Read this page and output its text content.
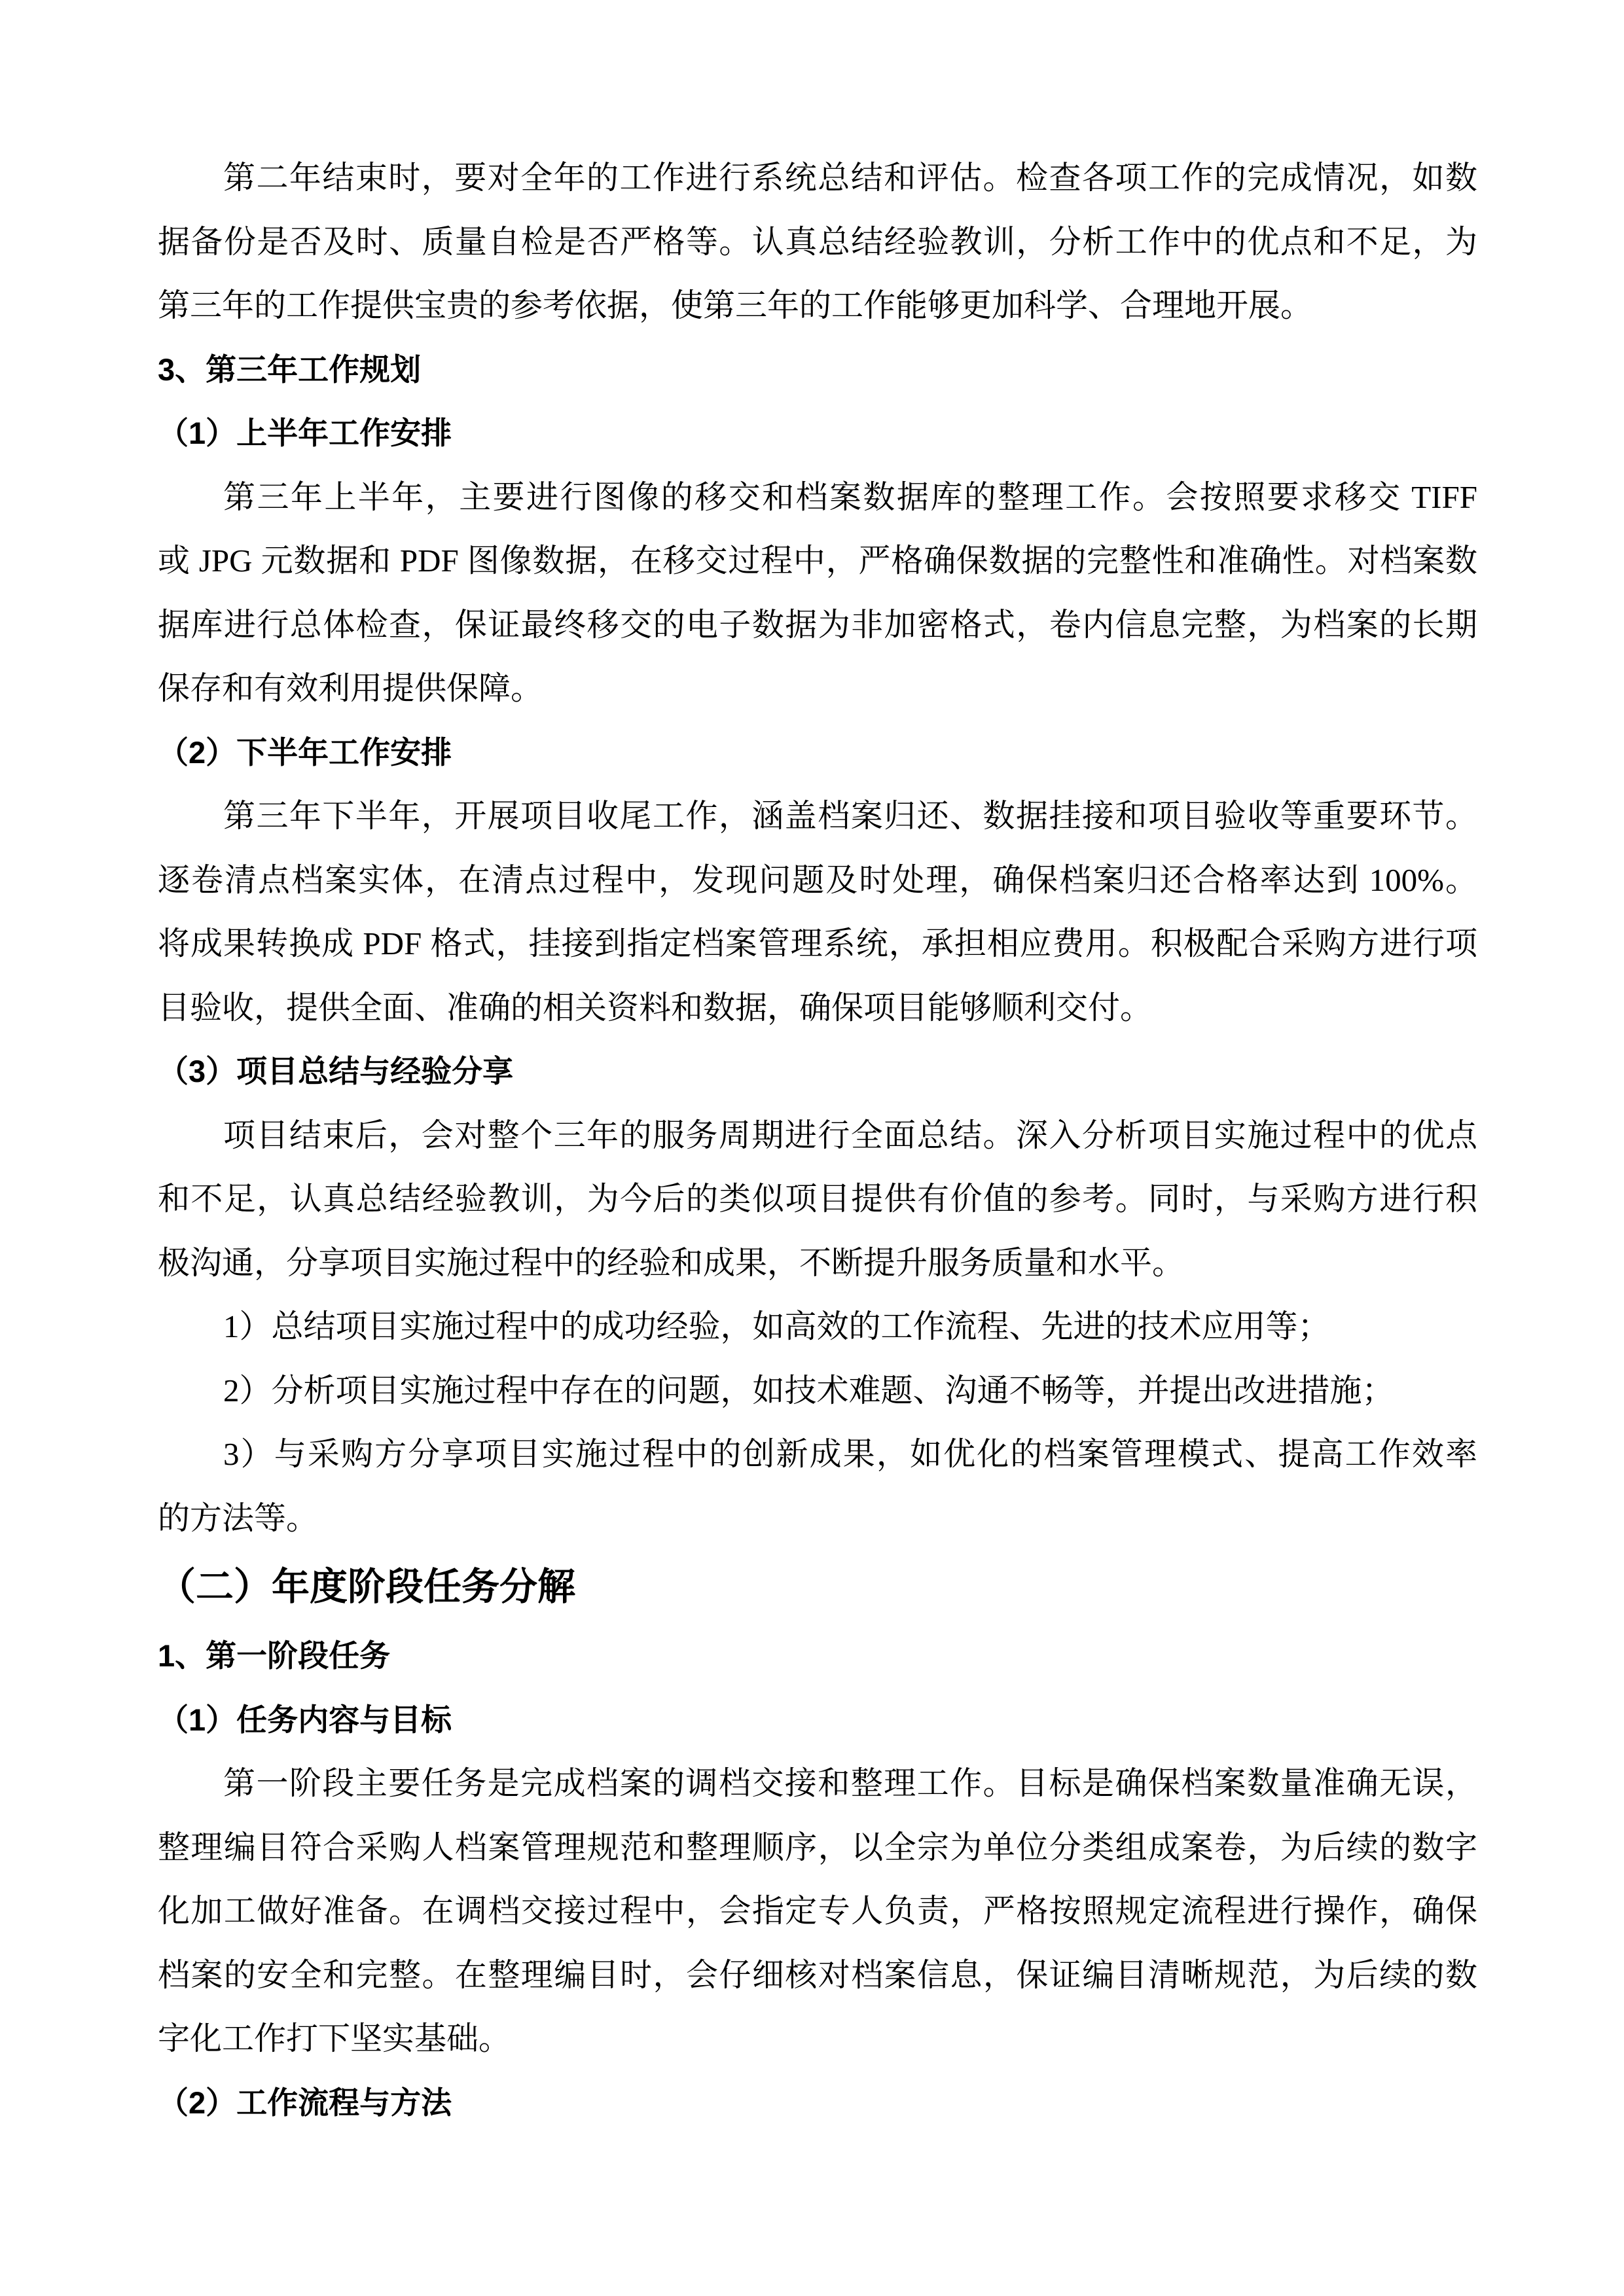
第二年结束时，要对全年的工作进行系统总结和评估。检查各项工作的完成情况，如数
据备份是否及时、质量自检是否严格等。认真总结经验教训，分析工作中的优点和不足，为
第三年的工作提供宝贵的参考依据，使第三年的工作能够更加科学、合理地开展。
3、第三年工作规划
（1）上半年工作安排
第三年上半年，主要进行图像的移交和档案数据库的整理工作。会按照要求移交 TIFF
或 JPG 元数据和 PDF 图像数据，在移交过程中，严格确保数据的完整性和准确性。对档案数
据库进行总体检查，保证最终移交的电子数据为非加密格式，卷内信息完整，为档案的长期
保存和有效利用提供保障。
（2）下半年工作安排
第三年下半年，开展项目收尾工作，涵盖档案归还、数据挂接和项目验收等重要环节。
逐卷清点档案实体，在清点过程中，发现问题及时处理，确保档案归还合格率达到 100%。
将成果转换成 PDF 格式，挂接到指定档案管理系统，承担相应费用。积极配合采购方进行项
目验收，提供全面、准确的相关资料和数据，确保项目能够顺利交付。
（3）项目总结与经验分享
项目结束后，会对整个三年的服务周期进行全面总结。深入分析项目实施过程中的优点
和不足，认真总结经验教训，为今后的类似项目提供有价值的参考。同时，与采购方进行积
极沟通，分享项目实施过程中的经验和成果，不断提升服务质量和水平。
1）总结项目实施过程中的成功经验，如高效的工作流程、先进的技术应用等；
2）分析项目实施过程中存在的问题，如技术难题、沟通不畅等，并提出改进措施；
3）与采购方分享项目实施过程中的创新成果，如优化的档案管理模式、提高工作效率
的方法等。
（二）年度阶段任务分解
1、第一阶段任务
（1）任务内容与目标
第一阶段主要任务是完成档案的调档交接和整理工作。目标是确保档案数量准确无误，
整理编目符合采购人档案管理规范和整理顺序，以全宗为单位分类组成案卷，为后续的数字
化加工做好准备。在调档交接过程中，会指定专人负责，严格按照规定流程进行操作，确保
档案的安全和完整。在整理编目时，会仔细核对档案信息，保证编目清晰规范，为后续的数
字化工作打下坚实基础。
（2）工作流程与方法
